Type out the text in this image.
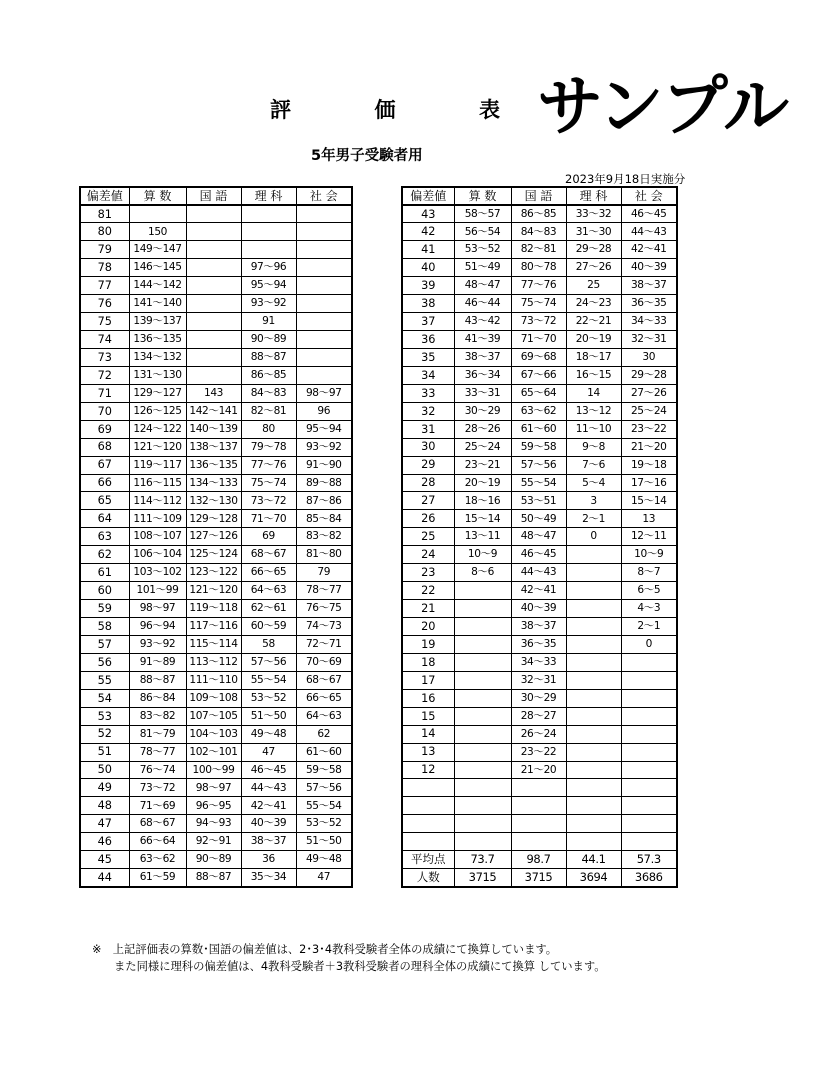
評	価	表 サンプル
5年男子受験者用
2023年9月18日実施分
偏差値	算 数	国 語	理 科	社 会
81				
80	150			
79	149～147			
78	146～145		97～96	
77	144～142		95～94	
76	141～140		93～92	
75	139～137		91	
74	136～135		90～89	
73	134～132		88～87	
72	131～130		86～85	
71	129～127	143	84～83	98～97
70	126～125	142～141	82～81	96
69	124～122	140～139	80	95～94
68	121～120	138～137	79～78	93～92
67	119～117	136～135	77～76	91～90
66	116～115	134～133	75～74	89～88
65	114～112	132～130	73～72	87～86
64	111～109	129～128	71～70	85～84
63	108～107	127～126	69	83～82
62	106～104	125～124	68～67	81～80
61	103～102	123～122	66～65	79
60	101～99	121～120	64～63	78～77
59	98～97	119～118	62～61	76～75
58	96～94	117～116	60～59	74～73
57	93～92	115～114	58	72～71
56	91～89	113～112	57～56	70～69
55	88～87	111～110	55～54	68～67
54	86～84	109～108	53～52	66～65
53	83～82	107～105	51～50	64～63
52	81～79	104～103	49～48	62
51	78～77	102～101	47	61～60
50	76～74	100～99	46～45	59～58
49	73～72	98～97	44～43	57～56
48	71～69	96～95	42～41	55～54
47	68～67	94～93	40～39	53～52
46	66～64	92～91	38～37	51～50
45	63～62	90～89	36	49～48
44	61～59	88～87	35～34	47
偏差値	算 数	国 語	理 科	社 会
43	58～57	86～85	33～32	46～45
42	56～54	84～83	31～30	44～43
41	53～52	82～81	29～28	42～41
40	51～49	80～78	27～26	40～39
39	48～47	77～76	25	38～37
38	46～44	75～74	24～23	36～35
37	43～42	73～72	22～21	34～33
36	41～39	71～70	20～19	32～31
35	38～37	69～68	18～17	30
34	36～34	67～66	16～15	29～28
33	33～31	65～64	14	27～26
32	30～29	63～62	13～12	25～24
31	28～26	61～60	11～10	23～22
30	25～24	59～58	9～8	21～20
29	23～21	57～56	7～6	19～18
28	20～19	55～54	5～4	17～16
27	18～16	53～51	3	15～14
26	15～14	50～49	2～1	13
25	13～11	48～47	0	12～11
24	10～9	46～45		10～9
23	8～6	44～43		8～7
22		42～41		6～5
21		40～39		4～3
20		38～37		2～1
19		36～35		0
18		34～33		
17		32～31		
16		30～29		
15		28～27		
14		26～24		
13		23～22		
12		21～20		

平均点	73.7	98.7	44.1	57.3
人数	3715	3715	3694	3686
※　上記評価表の算数･国語の偏差値は、2･3･4教科受験者全体の成績にて換算しています。
また同様に理科の偏差値は、4教科受験者＋3教科受験者の理科全体の成績にて換算 しています。
